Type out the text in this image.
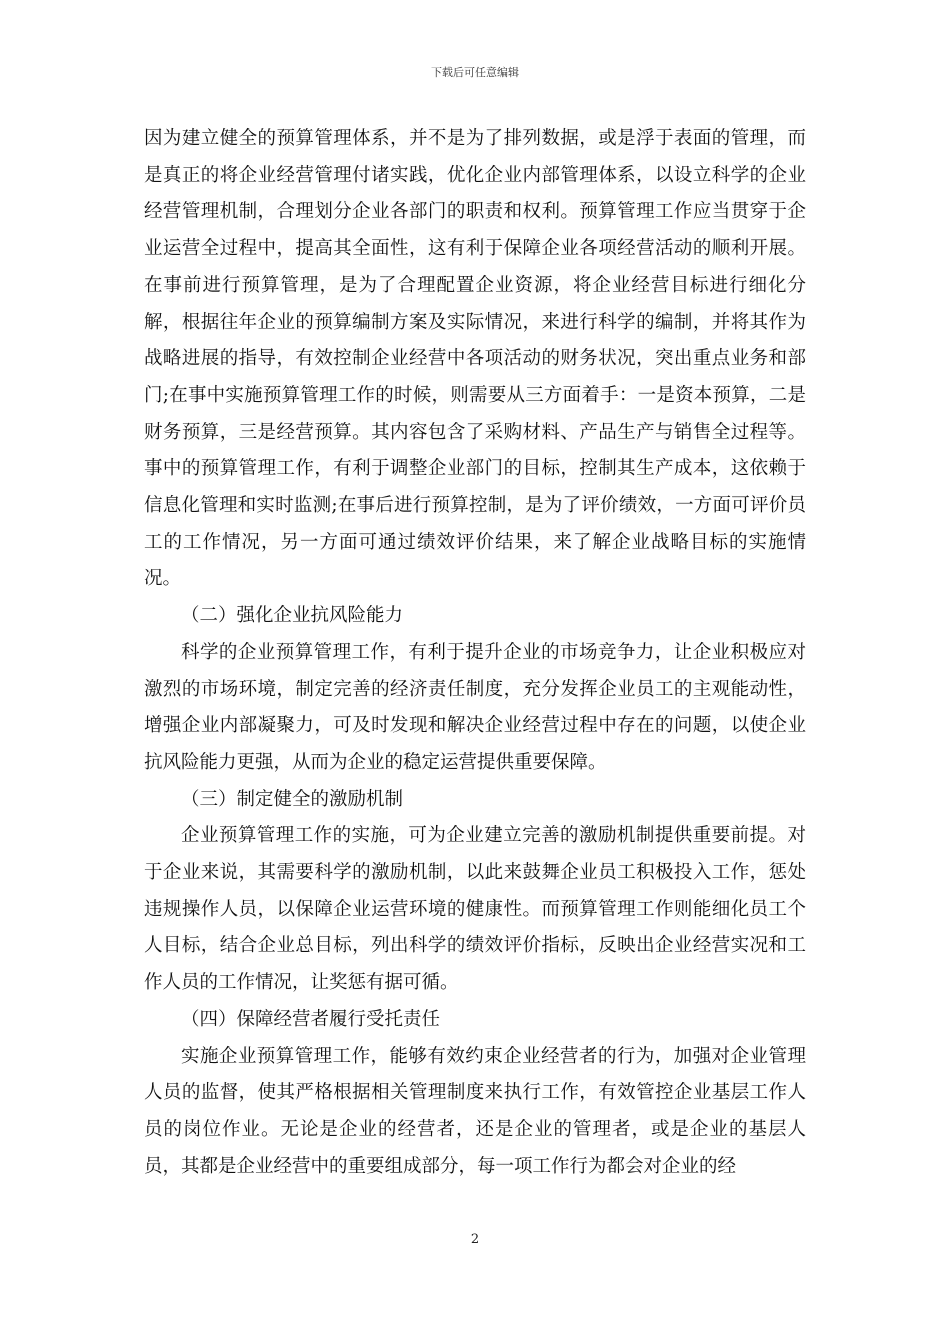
下载后可任意编辑

因为建立健全的预算管理体系，并不是为了排列数据，或是浮于表面的管理，而是真正的将企业经营管理付诸实践，优化企业内部管理体系，以设立科学的企业经营管理机制，合理划分企业各部门的职责和权利。预算管理工作应当贯穿于企业运营全过程中，提高其全面性，这有利于保障企业各项经营活动的顺利开展。在事前进行预算管理，是为了合理配置企业资源，将企业经营目标进行细化分解，根据往年企业的预算编制方案及实际情况，来进行科学的编制，并将其作为战略进展的指导，有效控制企业经营中各项活动的财务状况，突出重点业务和部门;在事中实施预算管理工作的时候，则需要从三方面着手：一是资本预算，二是财务预算，三是经营预算。其内容包含了采购材料、产品生产与销售全过程等。事中的预算管理工作，有利于调整企业部门的目标，控制其生产成本，这依赖于信息化管理和实时监测;在事后进行预算控制，是为了评价绩效，一方面可评价员工的工作情况，另一方面可通过绩效评价结果，来了解企业战略目标的实施情况。

（二）强化企业抗风险能力

科学的企业预算管理工作，有利于提升企业的市场竞争力，让企业积极应对激烈的市场环境，制定完善的经济责任制度，充分发挥企业员工的主观能动性，增强企业内部凝聚力，可及时发现和解决企业经营过程中存在的问题，以使企业抗风险能力更强，从而为企业的稳定运营提供重要保障。

（三）制定健全的激励机制

企业预算管理工作的实施，可为企业建立完善的激励机制提供重要前提。对于企业来说，其需要科学的激励机制，以此来鼓舞企业员工积极投入工作，惩处违规操作人员，以保障企业运营环境的健康性。而预算管理工作则能细化员工个人目标，结合企业总目标，列出科学的绩效评价指标，反映出企业经营实况和工作人员的工作情况，让奖惩有据可循。

（四）保障经营者履行受托责任

实施企业预算管理工作，能够有效约束企业经营者的行为，加强对企业管理人员的监督，使其严格根据相关管理制度来执行工作，有效管控企业基层工作人员的岗位作业。无论是企业的经营者，还是企业的管理者，或是企业的基层人员，其都是企业经营中的重要组成部分，每一项工作行为都会对企业的经

2
